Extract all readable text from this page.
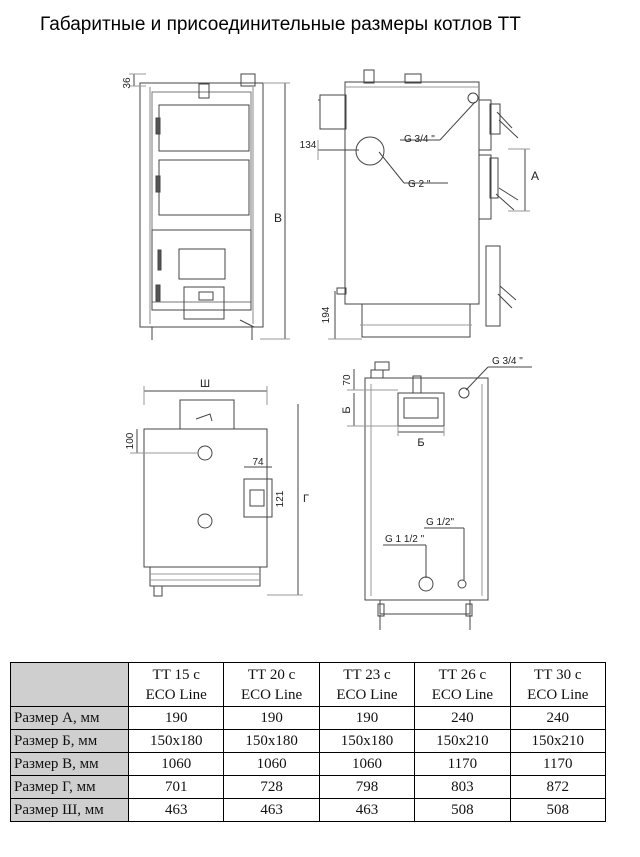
Габаритные и присоединительные размеры котлов ТТ
36
В
134
А
194
G 3/4 "
G 2 "
Ш
100
74
121 Г
70
Б
Б
G 3/4 "
G 1/2"
G 1 1/2 "
	ТТ 15 с
ECO Line	ТТ 20 с
ECO Line	ТТ 23 с
ECO Line	ТТ 26 с
ECO Line	ТТ 30 с
ECO Line
Размер А, мм	190	190	190	240	240
Размер Б, мм	150x180	150x180	150x180	150x210	150x210
Размер В, мм	1060	1060	1060	1170	1170
Размер Г, мм	701	728	798	803	872
Размер Ш, мм	463	463	463	508	508
